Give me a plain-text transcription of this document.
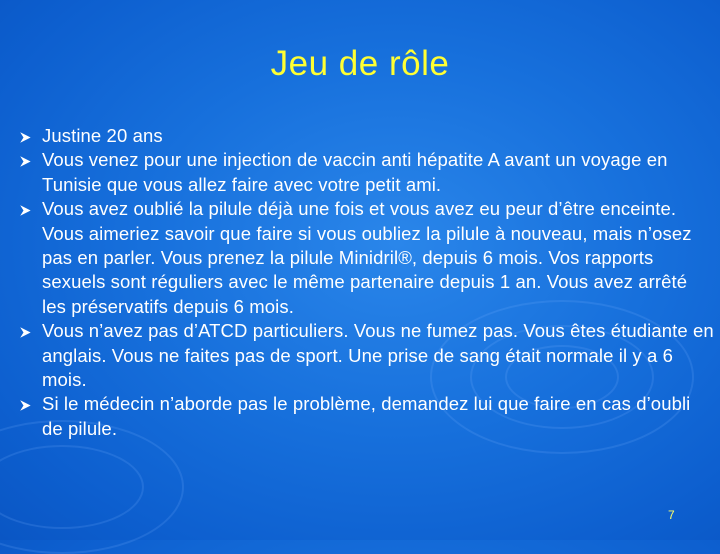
Jeu de rôle
Justine 20 ans
Vous venez pour une injection de vaccin anti hépatite A avant un voyage en Tunisie que vous allez faire avec votre petit ami.
Vous avez oublié la pilule déjà une fois et vous avez eu peur d’être enceinte. Vous aimeriez savoir que faire si vous oubliez la pilule à nouveau, mais n’osez pas en parler. Vous prenez la pilule Minidril®, depuis 6 mois. Vos rapports sexuels sont réguliers avec le même partenaire depuis 1 an. Vous avez arrêté les préservatifs depuis 6 mois.
Vous n’avez pas d’ATCD particuliers. Vous ne fumez pas. Vous êtes étudiante en anglais. Vous ne faites pas de sport. Une prise de sang était normale il y a 6 mois.
Si le médecin n’aborde pas le problème, demandez lui que faire en cas d’oubli de pilule.
7
